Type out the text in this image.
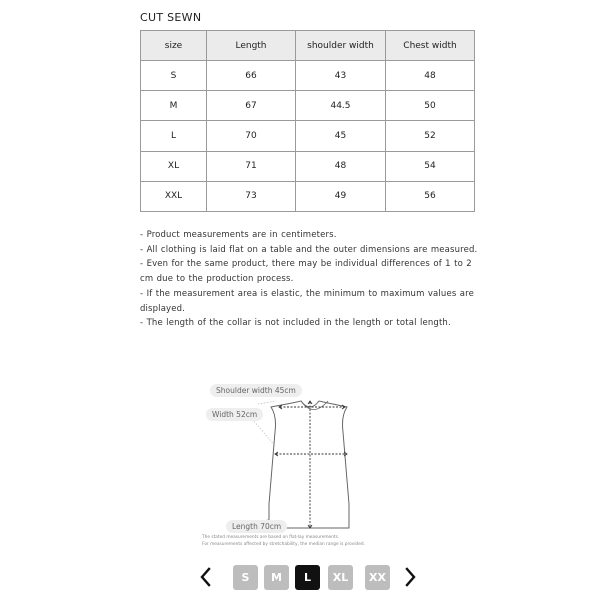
CUT SEWN
size	Length	shoulder width	Chest width
S	66	43	48
M	67	44.5	50
L	70	45	52
XL	71	48	54
XXL	73	49	56
- Product measurements are in centimeters.
- All clothing is laid flat on a table and the outer dimensions are measured.
- Even for the same product, there may be individual differences of 1 to 2 cm due to the production process.
- If the measurement area is elastic, the minimum to maximum values are displayed.
- The length of the collar is not included in the length or total length.
Shoulder width 45cm
Width 52cm
Length 70cm
The stated measurements are based on flat-lay measurements.
For measurements affected by stretchability, the median range is provided.
S	M	L	XL	XX
